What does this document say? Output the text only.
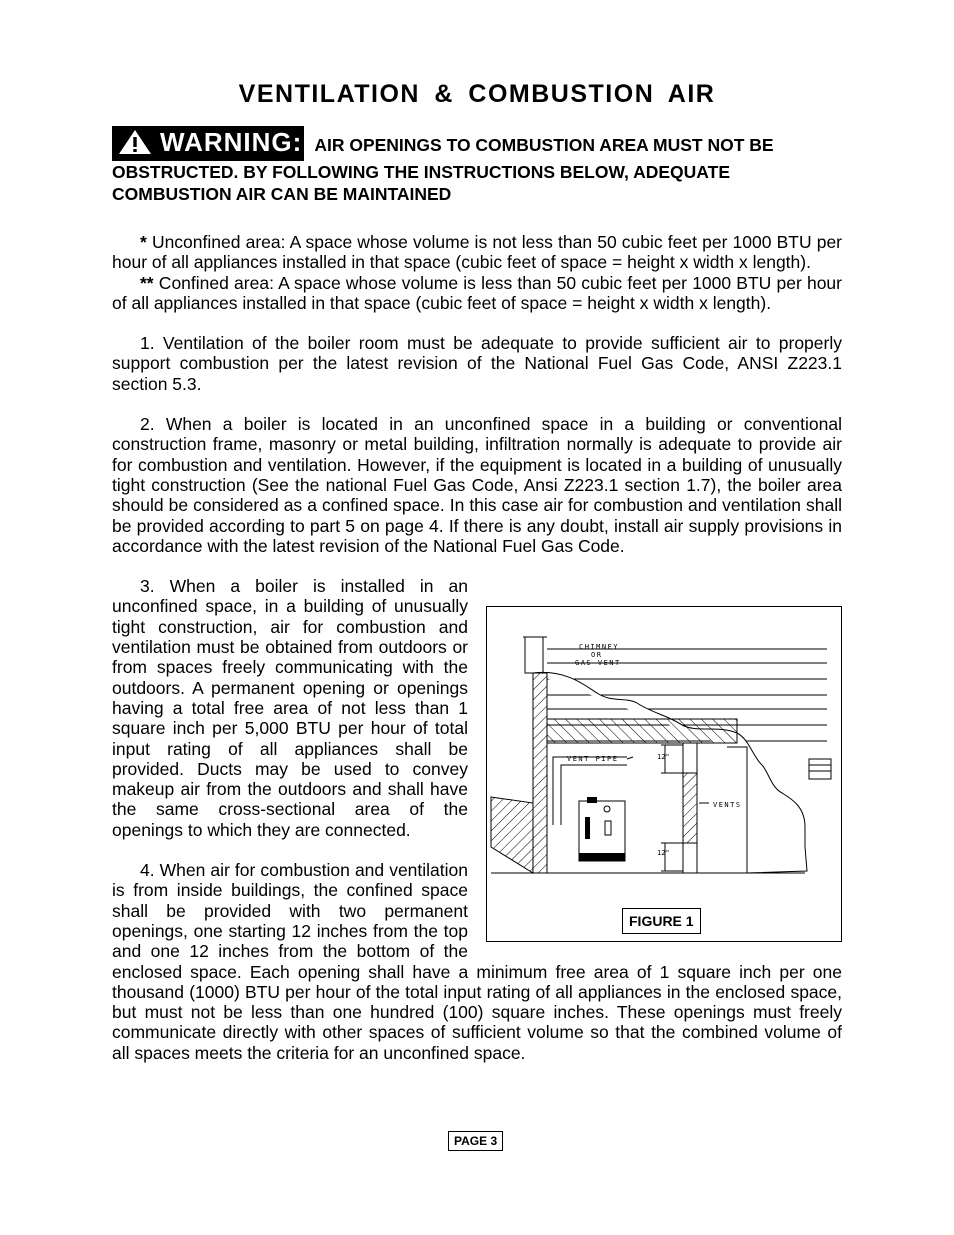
VENTILATION & COMBUSTION AIR
WARNING: AIR OPENINGS TO COMBUSTION AREA MUST NOT BE OBSTRUCTED. BY FOLLOWING THE INSTRUCTIONS BELOW, ADEQUATE COMBUSTION AIR CAN BE MAINTAINED

* Unconfined area: A space whose volume is not less than 50 cubic feet per 1000 BTU per hour of all appliances installed in that space (cubic feet of space = height x width x length).

** Confined area: A space whose volume is less than 50 cubic feet per 1000 BTU per hour of all appliances installed in that space (cubic feet of space = height x width x length).

1. Ventilation of the boiler room must be adequate to provide sufficient air to properly support combustion per the latest revision of the National Fuel Gas Code, ANSI Z223.1 section 5.3.

2. When a boiler is located in an unconfined space in a building or conventional construction frame, masonry or metal building, infiltration normally is adequate to provide air for combustion and ventilation. However, if the equipment is located in a building of unusually tight construction (See the national Fuel Gas Code, Ansi Z223.1 section 1.7), the boiler area should be considered as a confined space. In this case air for combustion and ventilation shall be provided according to part 5 on page 4. If there is any doubt, install air supply provisions in accordance with the latest revision of the National Fuel Gas Code.

CHIMNEY
OR
GAS VENT
VENT PIPE
VENTS
12"
12"
FIGURE 1

3. When a boiler is installed in an unconfined space, in a building of unusually tight construction, air for combustion and ventilation must be obtained from outdoors or from spaces freely communicating with the outdoors. A permanent opening or openings having a total free area of not less than 1 square inch per 5,000 BTU per hour of total input rating of all appliances shall be provided. Ducts may be used to convey makeup air from the outdoors and shall have the same cross-sectional area of the openings to which they are connected.

4. When air for combustion and ventilation is from inside buildings, the confined space shall be provided with two permanent openings, one starting 12 inches from the top and one 12 inches from the bottom of the enclosed space. Each opening shall have a minimum free area of 1 square inch per one thousand (1000) BTU per hour of the total input rating of all appliances in the enclosed space, but must not be less than one hundred (100) square inches. These openings must freely communicate directly with other spaces of sufficient volume so that the combined volume of all spaces meets the criteria for an unconfined space.

PAGE 3
